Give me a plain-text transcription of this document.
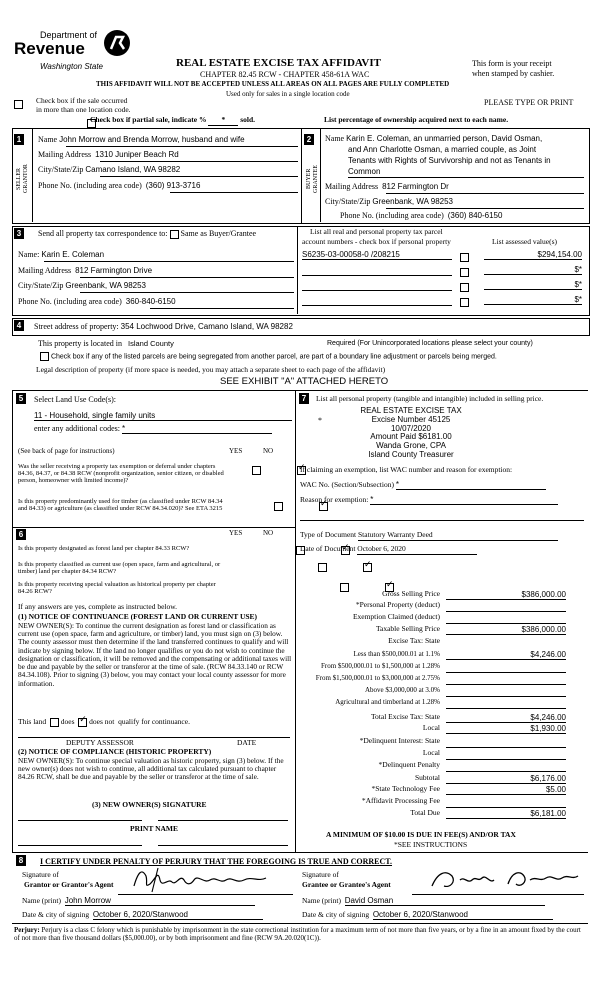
Department of
Revenue
Washington State	REAL ESTATE EXCISE TAX AFFIDAVIT
CHAPTER 82.45 RCW - CHAPTER 458-61A WAC
THIS AFFIDAVIT WILL NOT BE ACCEPTED UNLESS ALL AREAS ON ALL PAGES ARE FULLY COMPLETED
Used only for sales in a single location code
This form is your receipt
when stamped by cashier.
PLEASE TYPE OR PRINT

Check box if the sale occurred
in more than one location code.

Check box if partial sale, indicate % * sold.	List percentage of ownership acquired next to each name.
1
SELLER GRANTOR
Name John Morrow and Brenda Morrow, husband and wife
Mailing Address 1310 Juniper Beach Rd
City/State/Zip Camano Island, WA 98282
Phone No. (including area code) (360) 913-3716
2
BUYER GRANTEE
Name Karin E. Coleman, an unmarried person, David Osman,
and Ann Charlotte Osman, a married couple, as Joint
Tenants with Rights of Survivorship and not as Tenants in
Common
Mailing Address 812 Farmington Dr
City/State/Zip Greenbank, WA 98253
Phone No. (including area code) (360) 840-6150
3	Send all property tax correspondence to: Same as Buyer/Grantee
Name: Karin E. Coleman
Mailing Address 812 Farmington Drive
City/State/Zip Greenbank, WA 98253
Phone No. (including area code) 360-840-6150
List all real and personal property tax parcel
account numbers - check box if personal property	List assessed value(s)
S6235-03-00058-0 /208215	$294,154.00
$*
$*
$*
4	Street address of property: 354 Lochwood Drive, Camano Island, WA 98282
This property is located in Island County	Required (For Unincorporated locations please select your county)
Check box if any of the listed parcels are being segregated from another parcel, are part of a boundary line adjustment or parcels being merged.
Legal description of property (if more space is needed, you may attach a separate sheet to each page of the affidavit)
SEE EXHIBIT "A" ATTACHED HERETO
5	Select Land Use Code(s):
11 - Household, single family units
enter any additional codes: *
(See back of page for instructions)	YES	NO
Was the seller receiving a property tax exemption or deferral under chapters 84.36, 84.37, or 84.38 RCW (nonprofit organization, senior citizen, or disabled person, homeowner with limited income)?
✓
Is this property predominantly used for timber (as classified under RCW 84.34 and 84.33) or agriculture (as classified under RCW 84.34.020)? See ETA 3215
✓
6	YES	NO
Is this property designated as forest land per chapter 84.33 RCW?
✓
Is this property classified as current use (open space, farm and agricultural, or timber) land per chapter 84.34 RCW?
✓
Is this property receiving special valuation as historical property per chapter 84.26 RCW?
✓
If any answers are yes, complete as instructed below.
(1) NOTICE OF CONTINUANCE (FOREST LAND OR CURRENT USE)
NEW OWNER(S): To continue the current designation as forest land or classification as current use (open space, farm and agriculture, or timber) land, you must sign on (3) below. The county assessor must then determine if the land transferred continues to qualify and will indicate by signing below. If the land no longer qualifies or you do not wish to continue the designation or classification, it will be removed and the compensating or additional taxes will be due and payable by the seller or transferor at the time of sale. (RCW 84.33.140 or RCW 84.34.108). Prior to signing (3) below, you may contact your local county assessor for more information.
This land does  ✓ does not qualify for continuance.
DEPUTY ASSESSOR	DATE
(2) NOTICE OF COMPLIANCE (HISTORIC PROPERTY)
NEW OWNER(S): To continue special valuation as historic property, sign (3) below. If the new owner(s) does not wish to continue, all additional tax calculated pursuant to chapter 84.26 RCW, shall be due and payable by the seller or transferor at the time of sale.
(3) NEW OWNER(S) SIGNATURE
PRINT NAME
7	List all personal property (tangible and intangible) included in selling price.
*
REAL ESTATE EXCISE TAX
Excise Number 45125
10/07/2020
Amount Paid $6181.00
Wanda Grone, CPA
Island County Treasurer
If claiming an exemption, list WAC number and reason for exemption:
WAC No. (Section/Subsection) *
Reason for exemption: *
Type of Document Statutory Warranty Deed
Date of Document October 6, 2020
Gross Selling Price	$386,000.00
*Personal Property (deduct)
Exemption Claimed (deduct)
Taxable Selling Price	$386,000.00
Excise Tax: State
Less than $500,000.01 at 1.1%	$4,246.00
From $500,000.01 to $1,500,000 at 1.28%
From $1,500,000.01 to $3,000,000 at 2.75%
Above $3,000,000 at 3.0%
Agricultural and timberland at 1.28%
Total Excise Tax: State	$4,246.00
Local	$1,930.00
*Delinquent Interest: State
Local
*Delinquent Penalty
Subtotal	$6,176.00
*State Technology Fee	$5.00
*Affidavit Processing Fee
Total Due	$6,181.00
A MINIMUM OF $10.00 IS DUE IN FEE(S) AND/OR TAX
*SEE INSTRUCTIONS
8	I CERTIFY UNDER PENALTY OF PERJURY THAT THE FOREGOING IS TRUE AND CORRECT.
Signature of
Grantor or Grantor's Agent
Name (print) John Morrow
Date & city of signing October 6, 2020/Stanwood
Signature of
Grantee or Grantee's Agent
Name (print) David Osman
Date & city of signing October 6, 2020/Stanwood
Perjury: Perjury is a class C felony which is punishable by imprisonment in the state correctional institution for a maximum term of not more than five years, or by a fine in an amount fixed by the court of not more than five thousand dollars ($5,000.00), or by both imprisonment and fine (RCW 9A.20.020(1C)).
